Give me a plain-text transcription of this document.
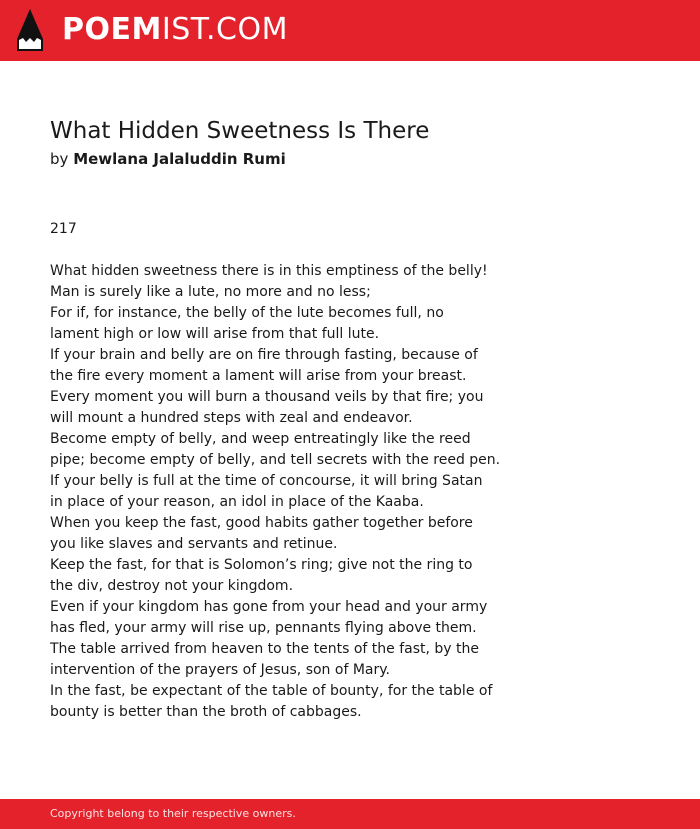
POEMIST.COM
What Hidden Sweetness Is There
by Mewlana Jalaluddin Rumi
217
What hidden sweetness there is in this emptiness of the belly!
Man is surely like a lute, no more and no less;
For if, for instance, the belly of the lute becomes full, no
lament high or low will arise from that full lute.
If your brain and belly are on fire through fasting, because of
the fire every moment a lament will arise from your breast.
Every moment you will burn a thousand veils by that fire; you
will mount a hundred steps with zeal and endeavor.
Become empty of belly, and weep entreatingly like the reed
pipe; become empty of belly, and tell secrets with the reed pen.
If your belly is full at the time of concourse, it will bring Satan
in place of your reason, an idol in place of the Kaaba.
When you keep the fast, good habits gather together before
you like slaves and servants and retinue.
Keep the fast, for that is Solomon’s ring; give not the ring to
the div, destroy not your kingdom.
Even if your kingdom has gone from your head and your army
has fled, your army will rise up, pennants flying above them.
The table arrived from heaven to the tents of the fast, by the
intervention of the prayers of Jesus, son of Mary.
In the fast, be expectant of the table of bounty, for the table of
bounty is better than the broth of cabbages.
Copyright belong to their respective owners.
